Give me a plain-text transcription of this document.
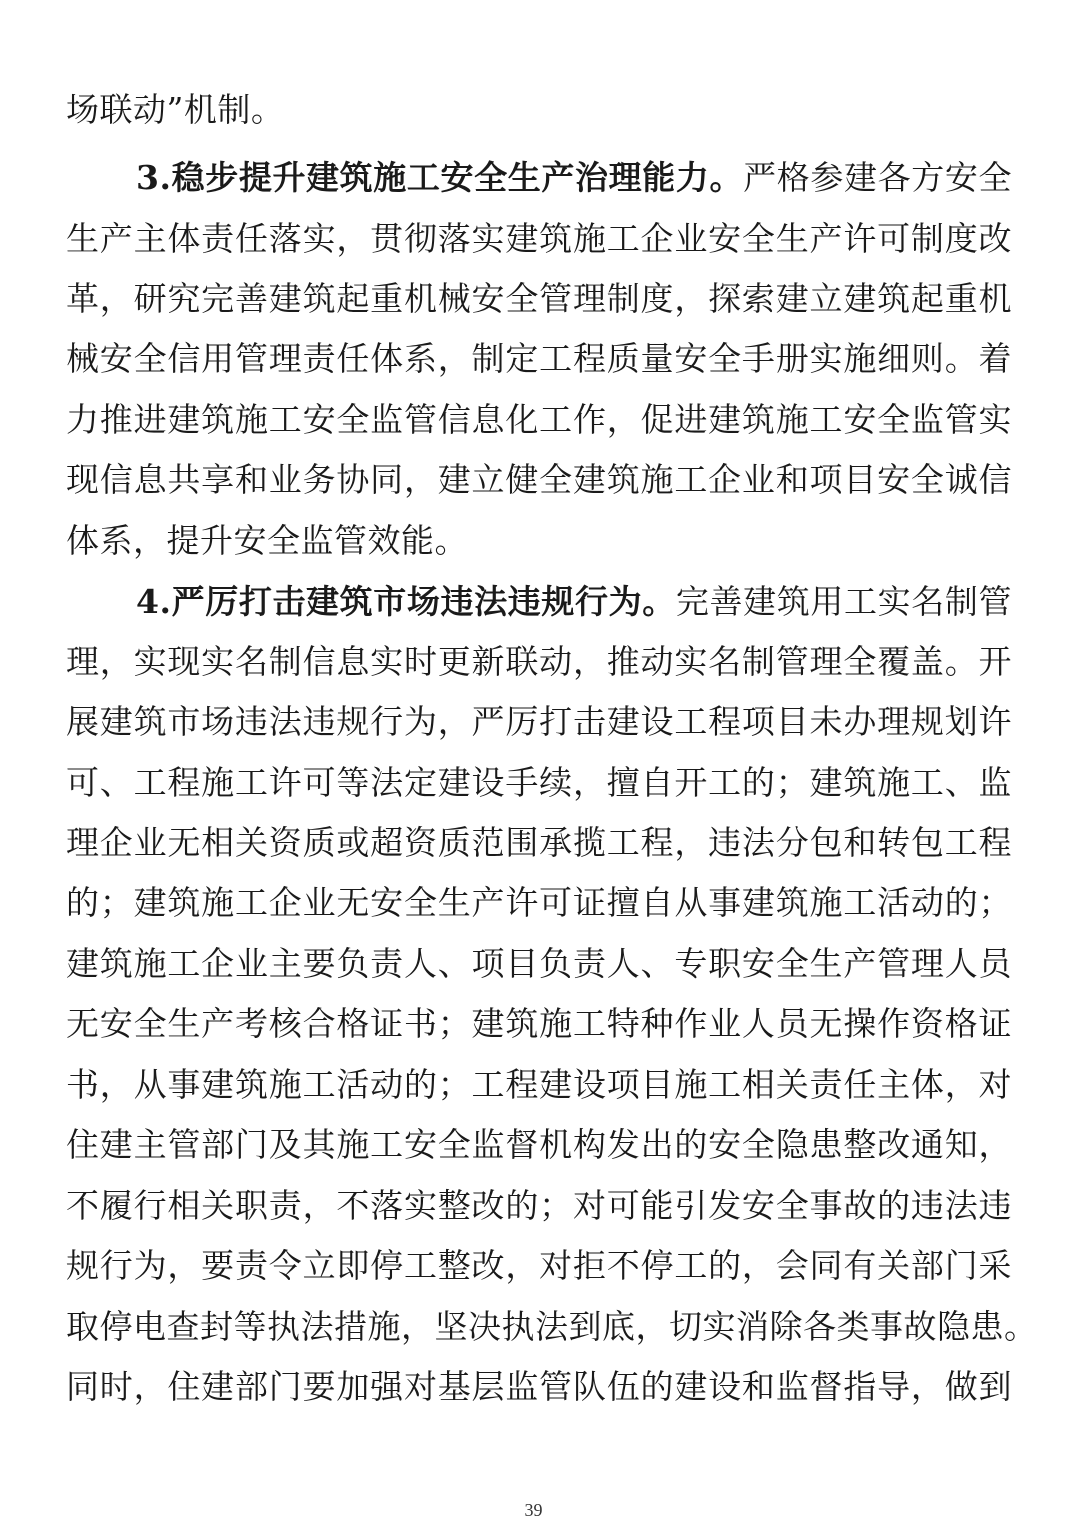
场联动”机制。
3.稳步提升建筑施工安全生产治理能力。严格参建各方安全
生产主体责任落实，贯彻落实建筑施工企业安全生产许可制度改
革，研究完善建筑起重机械安全管理制度，探索建立建筑起重机
械安全信用管理责任体系，制定工程质量安全手册实施细则。着
力推进建筑施工安全监管信息化工作，促进建筑施工安全监管实
现信息共享和业务协同，建立健全建筑施工企业和项目安全诚信
体系，提升安全监管效能。
4.严厉打击建筑市场违法违规行为。完善建筑用工实名制管
理，实现实名制信息实时更新联动，推动实名制管理全覆盖。开
展建筑市场违法违规行为，严厉打击建设工程项目未办理规划许
可、工程施工许可等法定建设手续，擅自开工的；建筑施工、监
理企业无相关资质或超资质范围承揽工程，违法分包和转包工程
的；建筑施工企业无安全生产许可证擅自从事建筑施工活动的；
建筑施工企业主要负责人、项目负责人、专职安全生产管理人员
无安全生产考核合格证书；建筑施工特种作业人员无操作资格证
书，从事建筑施工活动的；工程建设项目施工相关责任主体，对
住建主管部门及其施工安全监督机构发出的安全隐患整改通知，
不履行相关职责，不落实整改的；对可能引发安全事故的违法违
规行为，要责令立即停工整改，对拒不停工的，会同有关部门采
取停电查封等执法措施，坚决执法到底，切实消除各类事故隐患。
同时，住建部门要加强对基层监管队伍的建设和监督指导，做到
39
